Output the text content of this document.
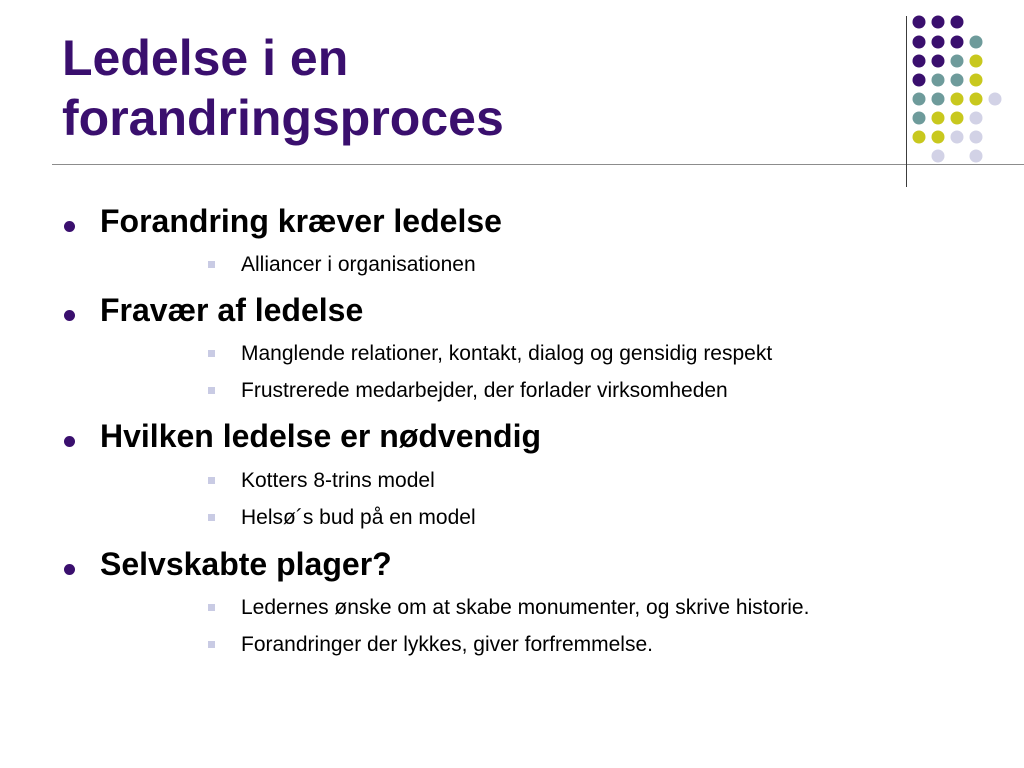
Ledelse i en
forandringsproces
Forandring kræver ledelse
Alliancer i organisationen
Fravær af ledelse
Manglende relationer, kontakt, dialog og gensidig respekt
Frustrerede medarbejder, der forlader virksomheden
Hvilken ledelse er nødvendig
Kotters 8-trins model
Helsø´s bud på en model
Selvskabte plager?
Ledernes ønske om at skabe monumenter, og skrive historie.
Forandringer der lykkes, giver forfremmelse.
